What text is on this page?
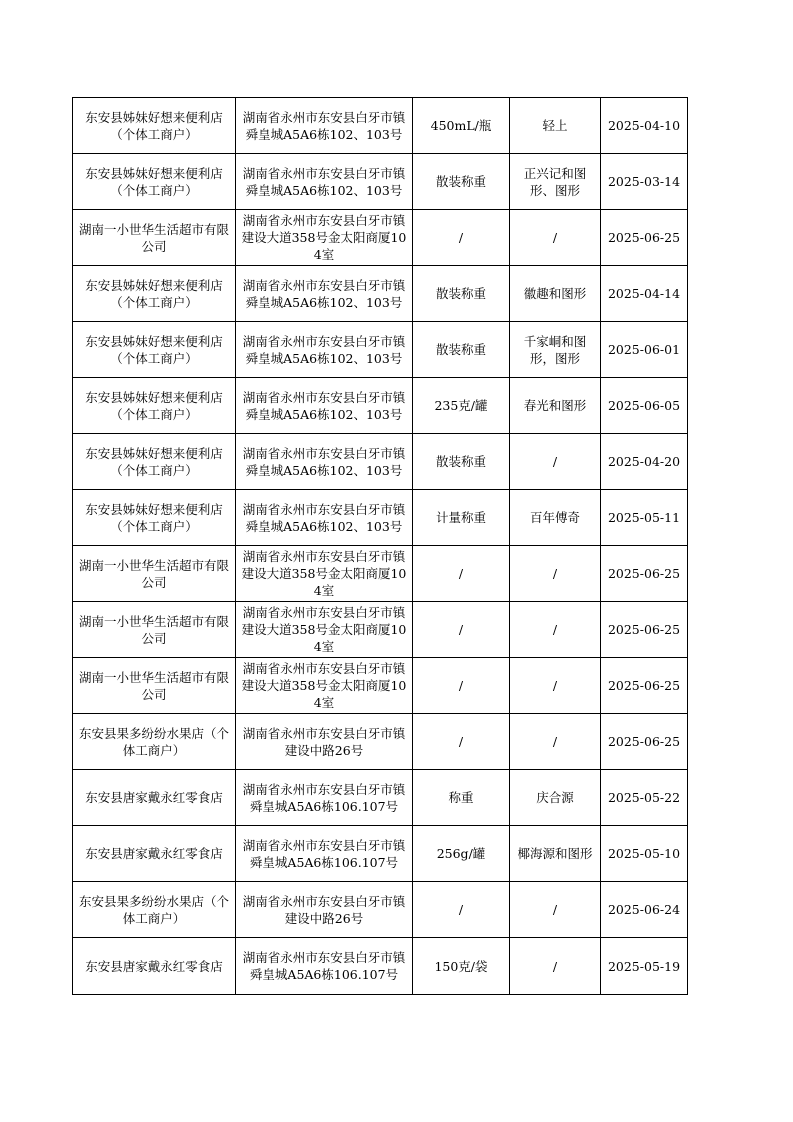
东安县姊妹好想来便利店（个体工商户）	湖南省永州市东安县白牙市镇舜皇城A5A6栋102、103号	450mL/瓶	轻上	2025-04-10
东安县姊妹好想来便利店（个体工商户）	湖南省永州市东安县白牙市镇舜皇城A5A6栋102、103号	散装称重	正兴记和图形、图形	2025-03-14
湖南一小世华生活超市有限公司	湖南省永州市东安县白牙市镇建设大道358号金太阳商厦104室	/	/	2025-06-25
东安县姊妹好想来便利店（个体工商户）	湖南省永州市东安县白牙市镇舜皇城A5A6栋102、103号	散装称重	徽趣和图形	2025-04-14
东安县姊妹好想来便利店（个体工商户）	湖南省永州市东安县白牙市镇舜皇城A5A6栋102、103号	散装称重	千家峒和图形，图形	2025-06-01
东安县姊妹好想来便利店（个体工商户）	湖南省永州市东安县白牙市镇舜皇城A5A6栋102、103号	235克/罐	春光和图形	2025-06-05
东安县姊妹好想来便利店（个体工商户）	湖南省永州市东安县白牙市镇舜皇城A5A6栋102、103号	散装称重	/	2025-04-20
东安县姊妹好想来便利店（个体工商户）	湖南省永州市东安县白牙市镇舜皇城A5A6栋102、103号	计量称重	百年傅奇	2025-05-11
湖南一小世华生活超市有限公司	湖南省永州市东安县白牙市镇建设大道358号金太阳商厦104室	/	/	2025-06-25
湖南一小世华生活超市有限公司	湖南省永州市东安县白牙市镇建设大道358号金太阳商厦104室	/	/	2025-06-25
湖南一小世华生活超市有限公司	湖南省永州市东安县白牙市镇建设大道358号金太阳商厦104室	/	/	2025-06-25
东安县果多纷纷水果店（个体工商户）	湖南省永州市东安县白牙市镇建设中路26号	/	/	2025-06-25
东安县唐家戴永红零食店	湖南省永州市东安县白牙市镇舜皇城A5A6栋106.107号	称重	庆合源	2025-05-22
东安县唐家戴永红零食店	湖南省永州市东安县白牙市镇舜皇城A5A6栋106.107号	256g/罐	椰海源和图形	2025-05-10
东安县果多纷纷水果店（个体工商户）	湖南省永州市东安县白牙市镇建设中路26号	/	/	2025-06-24
东安县唐家戴永红零食店	湖南省永州市东安县白牙市镇舜皇城A5A6栋106.107号	150克/袋	/	2025-05-19
